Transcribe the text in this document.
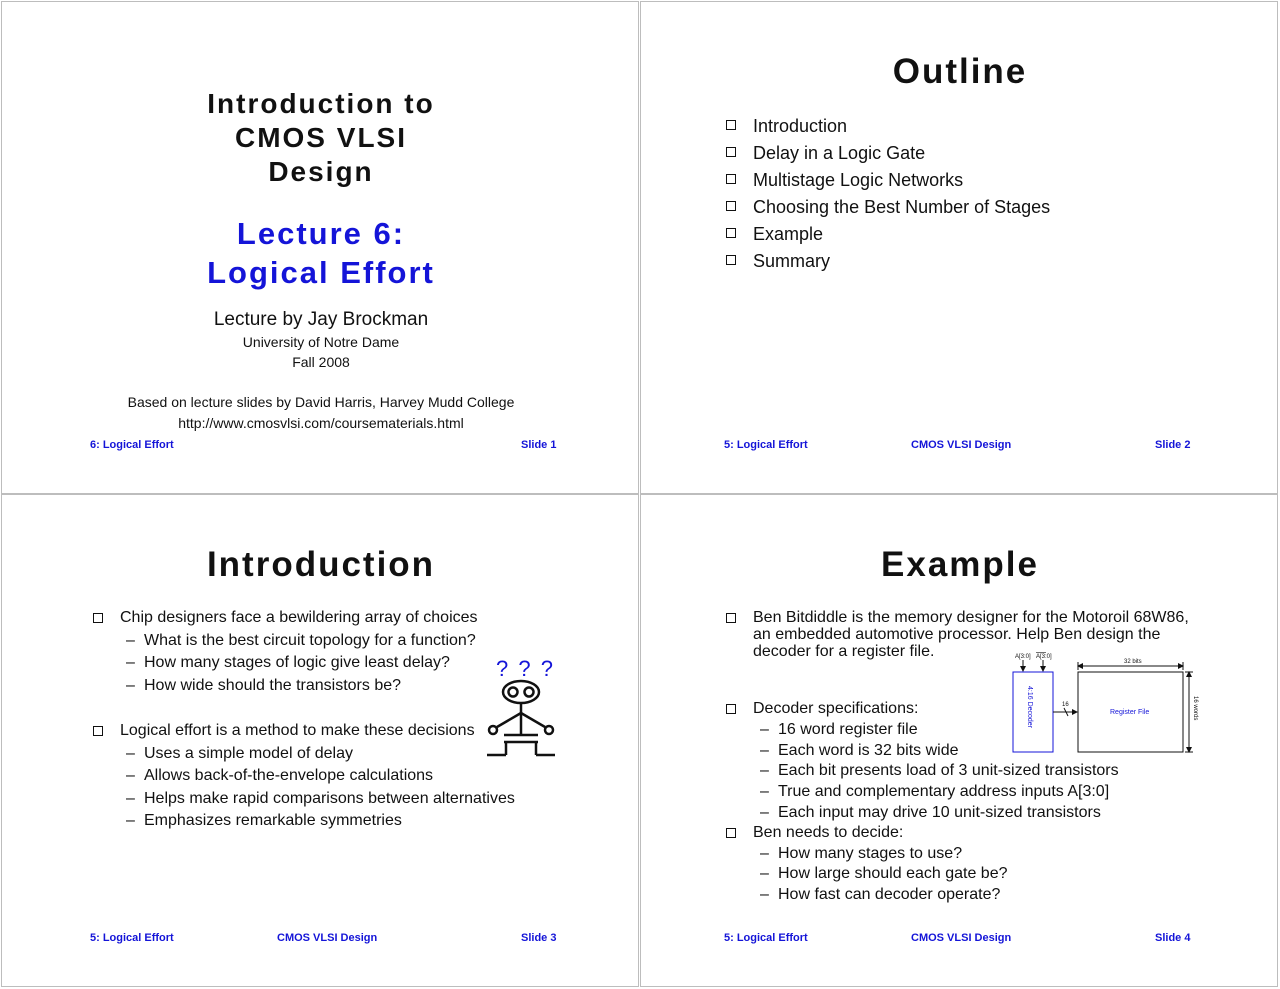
Introduction to
CMOS VLSI
Design
Lecture 6:
Logical Effort
Lecture by Jay Brockman
University of Notre Dame
Fall 2008
Based on lecture slides by David Harris, Harvey Mudd College
http://www.cmosvlsi.com/coursematerials.html
6: Logical Effort	Slide 1
Outline
Introduction
Delay in a Logic Gate
Multistage Logic Networks
Choosing the Best Number of Stages
Example
Summary
5: Logical Effort	CMOS VLSI Design	Slide 2
Introduction
Chip designers face a bewildering array of choices
– What is the best circuit topology for a function?
– How many stages of logic give least delay?
– How wide should the transistors be?
Logical effort is a method to make these decisions
– Uses a simple model of delay
– Allows back-of-the-envelope calculations
– Helps make rapid comparisons between alternatives
– Emphasizes remarkable symmetries
? ? ?
5: Logical Effort	CMOS VLSI Design	Slide 3
Example
Ben Bitdiddle is the memory designer for the Motoroil 68W86,
an embedded automotive processor. Help Ben design the
decoder for a register file.
Decoder specifications:
– 16 word register file
– Each word is 32 bits wide
– Each bit presents load of 3 unit-sized transistors
– True and complementary address inputs A[3:0]
– Each input may drive 10 unit-sized transistors
Ben needs to decide:
– How many stages to use?
– How large should each gate be?
– How fast can decoder operate?
A[3:0] A[3:0]
4:16 Decoder	16
32 bits
Register File	16 words
5: Logical Effort	CMOS VLSI Design	Slide 4
